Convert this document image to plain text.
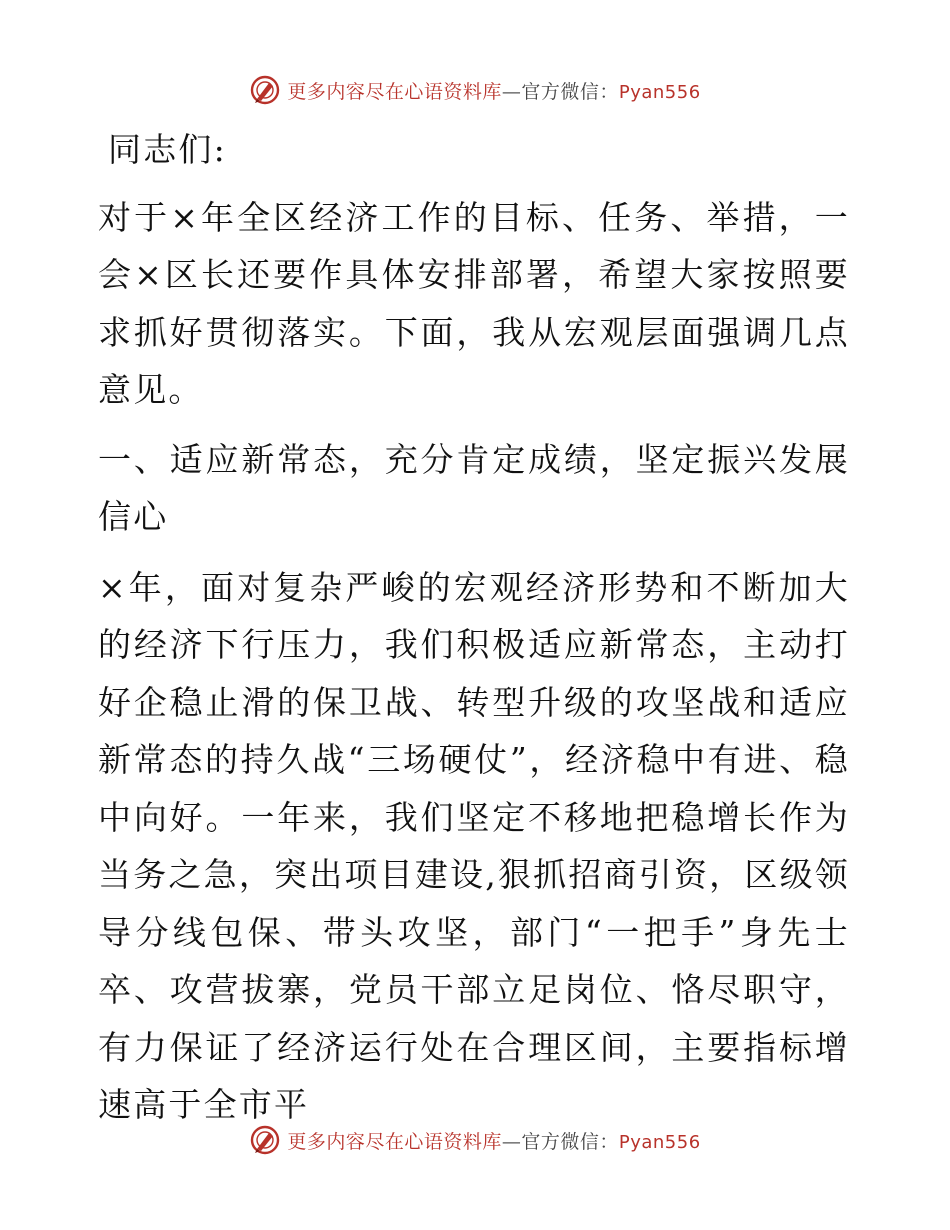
更多内容尽在心语资料库—官方微信：Pyan556

同志们:

对于×年全区经济工作的目标、任务、举措，一会×区长还要作具体安排部署，希望大家按照要求抓好贯彻落实。下面，我从宏观层面强调几点意见。

一、适应新常态，充分肯定成绩，坚定振兴发展信心

×年，面对复杂严峻的宏观经济形势和不断加大的经济下行压力，我们积极适应新常态，主动打好企稳止滑的保卫战、转型升级的攻坚战和适应新常态的持久战“三场硬仗”，经济稳中有进、稳中向好。一年来，我们坚定不移地把稳增长作为当务之急，突出项目建设,狠抓招商引资，区级领导分线包保、带头攻坚，部门“一把手”身先士卒、攻营拔寨，党员干部立足岗位、恪尽职守，有力保证了经济运行处在合理区间，主要指标增速高于全市平

更多内容尽在心语资料库—官方微信：Pyan556
